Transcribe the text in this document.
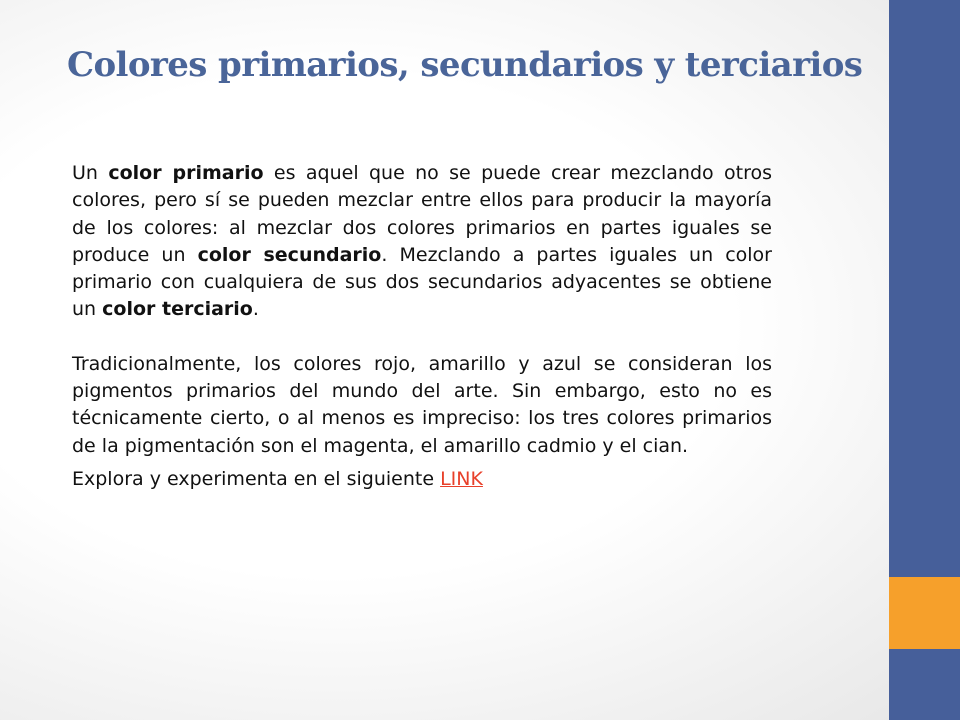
Colores primarios, secundarios y terciarios

Un color primario es aquel que no se puede crear mezclando otros colores, pero sí se pueden mezclar entre ellos para producir la mayoría de los colores: al mezclar dos colores primarios en partes iguales se produce un color secundario. Mezclando a partes iguales un color primario con cualquiera de sus dos secundarios adyacentes se obtiene un color terciario.

Tradicionalmente, los colores rojo, amarillo y azul se consideran los pigmentos primarios del mundo del arte. Sin embargo, esto no es técnicamente cierto, o al menos es impreciso: los tres colores primarios de la pigmentación son el magenta, el amarillo cadmio y el cian.

Explora y experimenta en el siguiente LINK
